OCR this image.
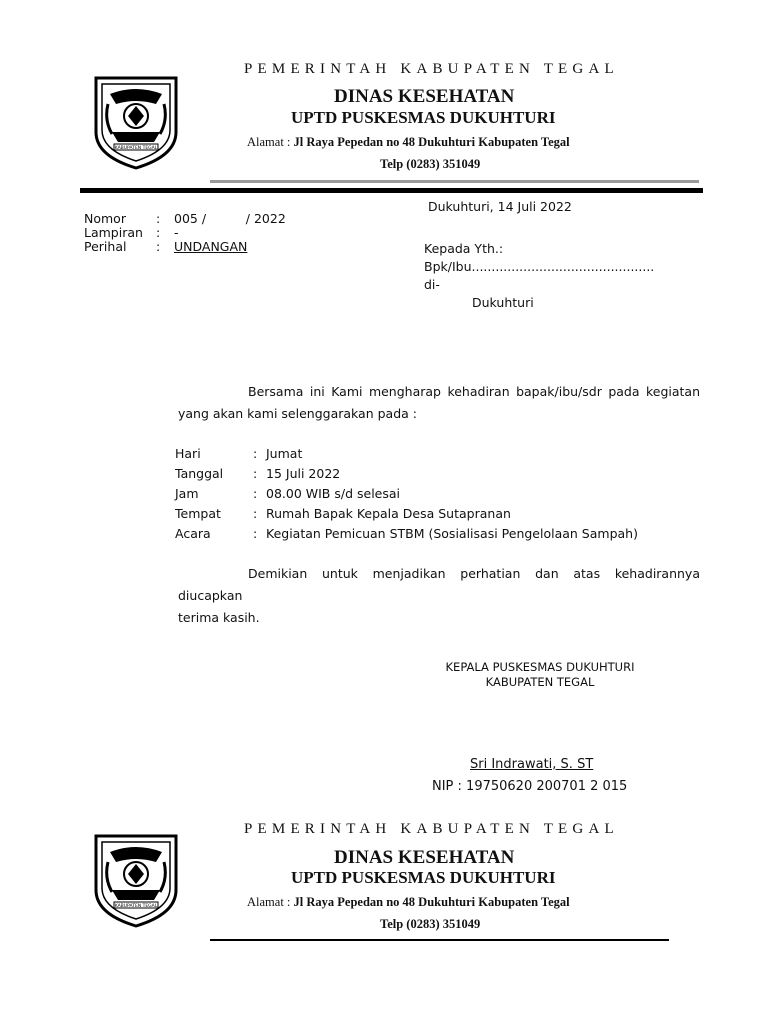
KABUPATEN TEGAL
PEMERINTAH KABUPATEN TEGAL
DINAS KESEHATAN
UPTD PUSKESMAS DUKUHTURI
Alamat : Jl Raya Pepedan no 48 Dukuhturi Kabupaten Tegal
Telp (0283) 351049
Dukuhturi, 14 Juli 2022
Nomor : 005 /          / 2022
Lampiran : -
Perihal : UNDANGAN	Kepada Yth.:
Bpk/Ibu..............................................
di-
Dukuhturi
Bersama ini Kami mengharap kehadiran bapak/ibu/sdr pada kegiatan
yang akan kami selenggarakan pada :
Hari	: Jumat
Tanggal : 15 Juli 2022
Jam	: 08.00 WIB s/d selesai
Tempat	: Rumah Bapak Kepala Desa Sutapranan
Acara	: Kegiatan Pemicuan STBM (Sosialisasi Pengelolaan Sampah)
Demikian untuk menjadikan perhatian dan atas kehadirannya diucapkan
terima kasih.
KEPALA PUSKESMAS DUKUHTURI
KABUPATEN TEGAL
Sri Indrawati, S. ST
NIP : 19750620 200701 2 015
KABUPATEN TEGAL
PEMERINTAH KABUPATEN TEGAL
DINAS KESEHATAN
UPTD PUSKESMAS DUKUHTURI
Alamat : Jl Raya Pepedan no 48 Dukuhturi Kabupaten Tegal
Telp (0283) 351049
